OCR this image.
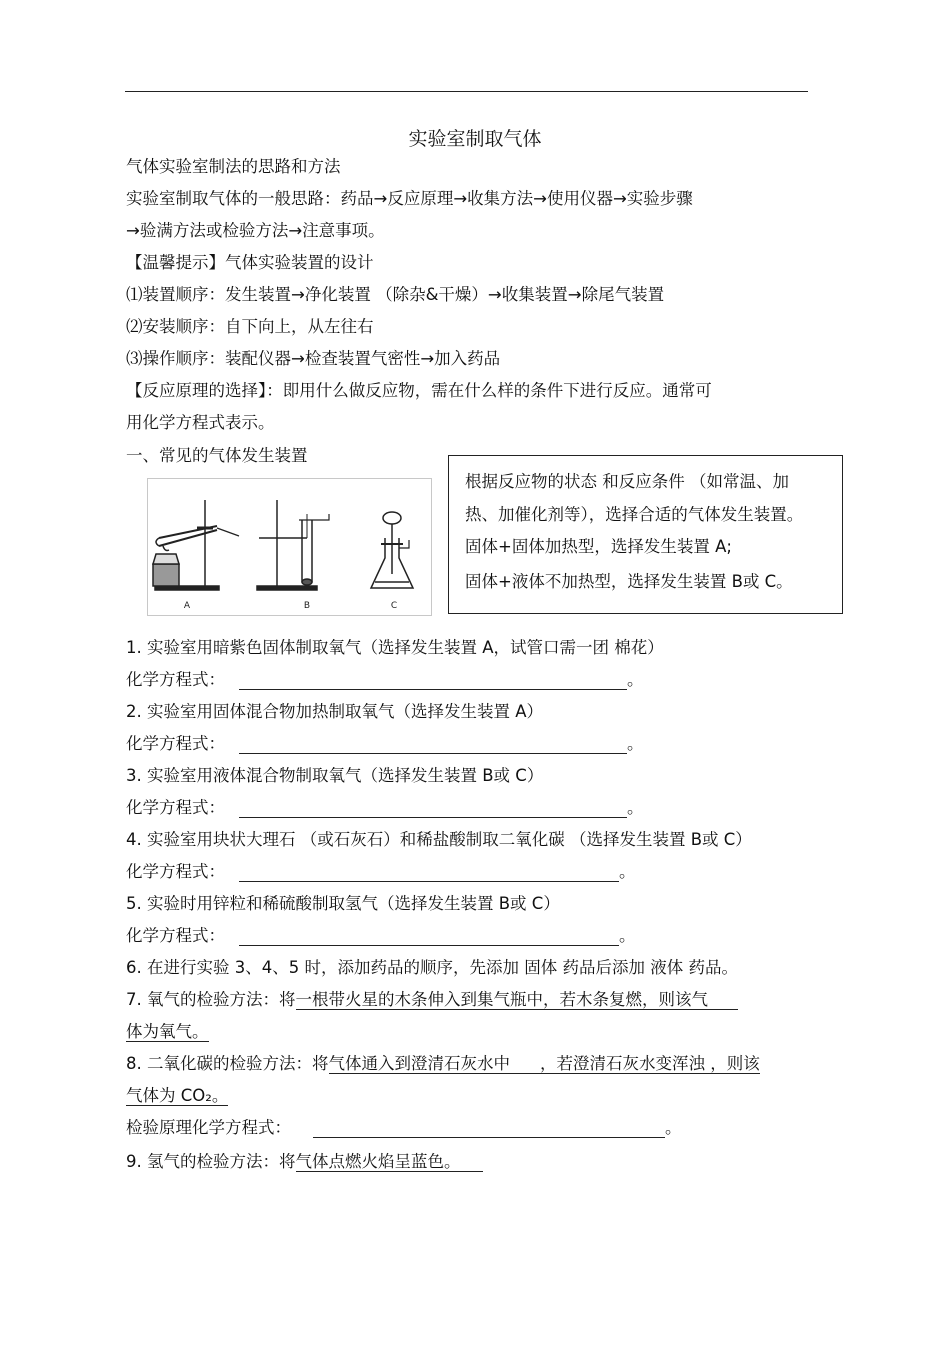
实验室制取气体
气体实验室制法的思路和方法
实验室制取气体的一般思路：药品→反应原理→收集方法→使用仪器→实验步骤
→验满方法或检验方法→注意事项。
【温馨提示】气体实验装置的设计
⑴装置顺序：发生装置→净化装置 （除杂&干燥）→收集装置→除尾气装置
⑵安装顺序：自下向上，从左往右
⑶操作顺序：装配仪器→检查装置气密性→加入药品
【反应原理的选择】：即用什么做反应物，需在什么样的条件下进行反应。通常可
用化学方程式表示。
一、常见的气体发生装置
A	B	C
根据反应物的状态 和反应条件 （如常温、加
热、加催化剂等），选择合适的气体发生装置。
固体+固体加热型，选择发生装置 A;
固体+液体不加热型，选择发生装置 B或 C。
1. 实验室用暗紫色固体制取氧气（选择发生装置 A，试管口需一团 棉花）
化学方程式：	。
2. 实验室用固体混合物加热制取氧气（选择发生装置 A）
化学方程式：	。
3. 实验室用液体混合物制取氧气（选择发生装置 B或 C）
化学方程式：	。
4. 实验室用块状大理石 （或石灰石）和稀盐酸制取二氧化碳 （选择发生装置 B或 C）
化学方程式：	。
5. 实验时用锌粒和稀硫酸制取氢气（选择发生装置 B或 C）
化学方程式：	。
6. 在进行实验 3、4、5 时，添加药品的顺序，先添加 固体 药品后添加 液体 药品。
7. 氧气的检验方法：将一根带火星的木条伸入到集气瓶中，若木条复燃，则该气
体为氧气。
8. 二氧化碳的检验方法：将气体通入到澄清石灰水中 ，若澄清石灰水变浑浊 ，则该
气体为 CO₂。
检验原理化学方程式：	。
9. 氢气的检验方法：将气体点燃火焰呈蓝色。
